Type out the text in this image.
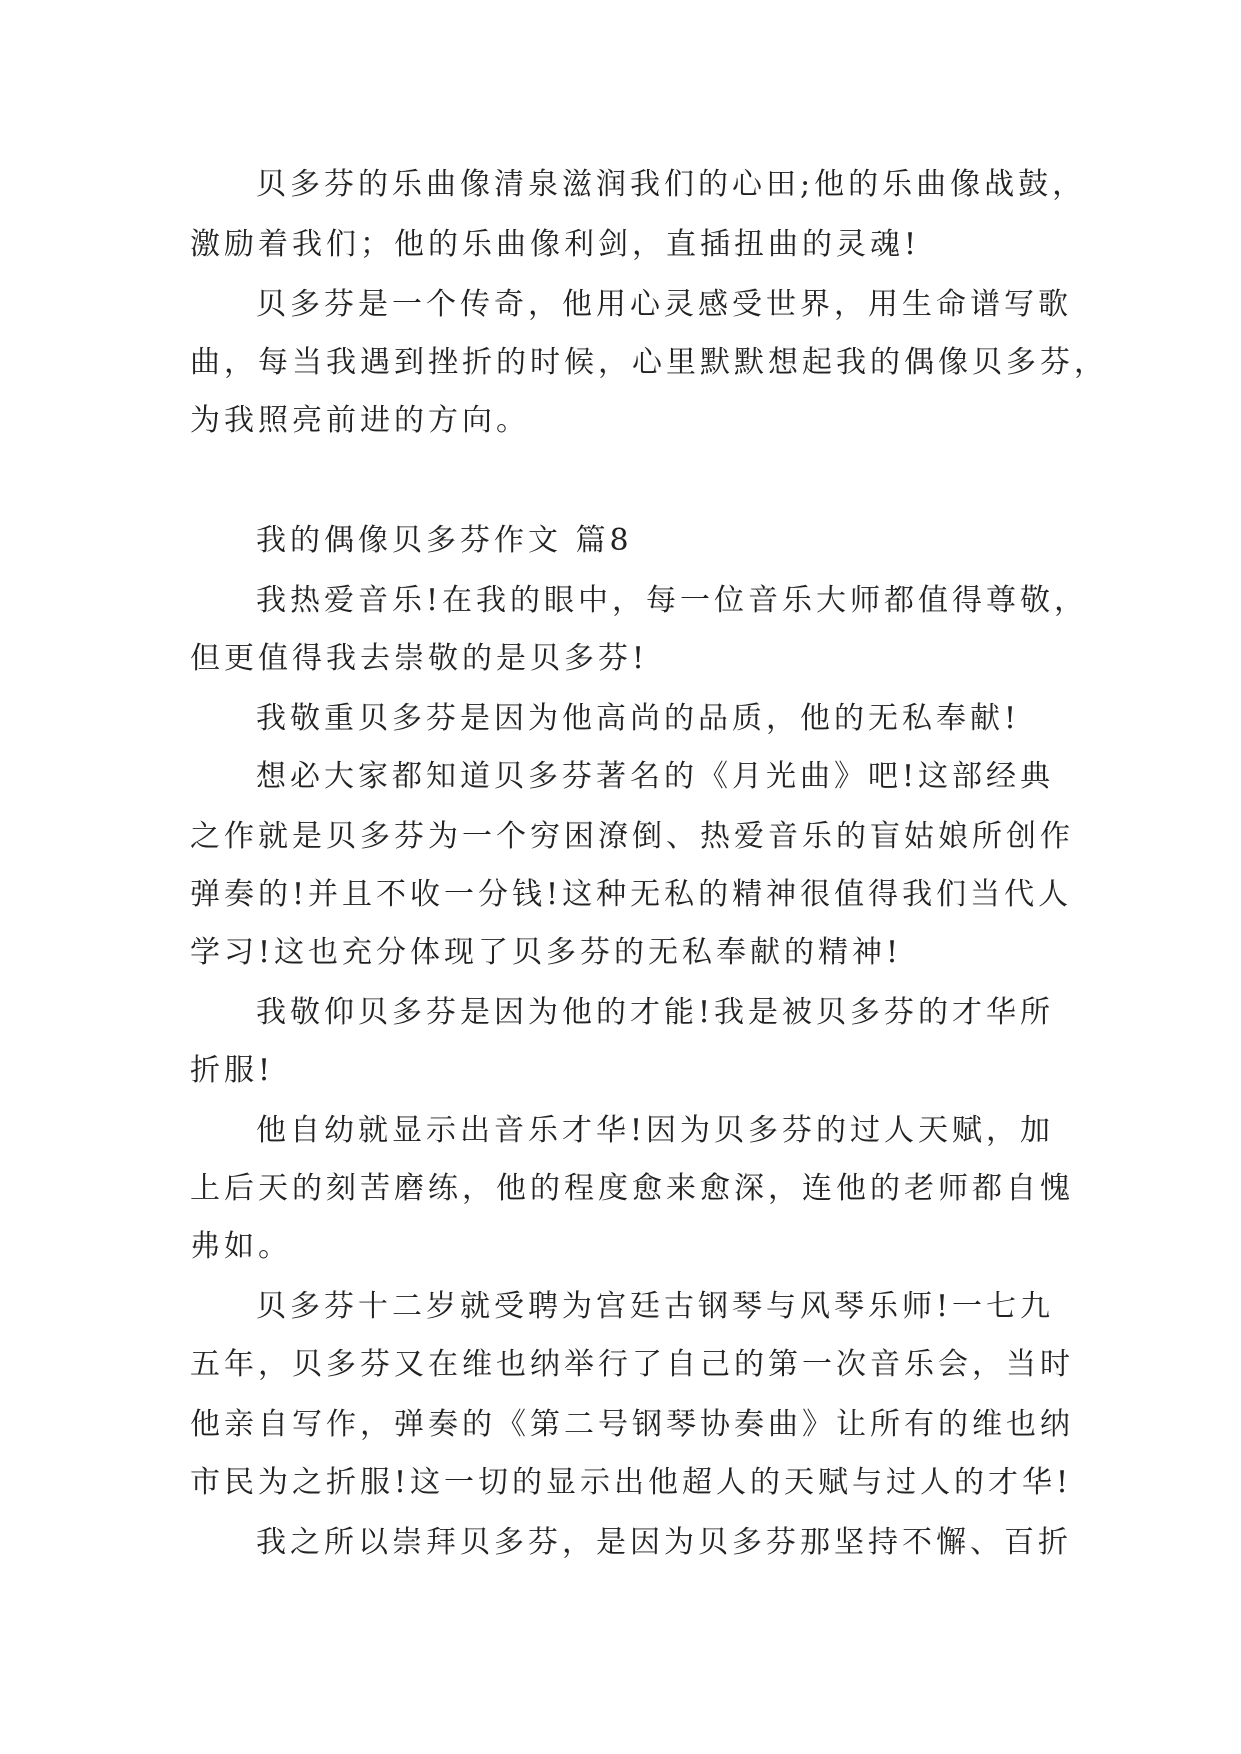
贝多芬的乐曲像清泉滋润我们的心田;他的乐曲像战鼓，

激励着我们；他的乐曲像利剑，直插扭曲的灵魂!

贝多芬是一个传奇，他用心灵感受世界，用生命谱写歌

曲，每当我遇到挫折的时候，心里默默想起我的偶像贝多芬，

为我照亮前进的方向。

我的偶像贝多芬作文 篇8

我热爱音乐!在我的眼中，每一位音乐大师都值得尊敬，

但更值得我去崇敬的是贝多芬!

我敬重贝多芬是因为他高尚的品质，他的无私奉献!

想必大家都知道贝多芬著名的《月光曲》吧!这部经典

之作就是贝多芬为一个穷困潦倒、热爱音乐的盲姑娘所创作

弹奏的!并且不收一分钱!这种无私的精神很值得我们当代人

学习!这也充分体现了贝多芬的无私奉献的精神!

我敬仰贝多芬是因为他的才能!我是被贝多芬的才华所

折服!

他自幼就显示出音乐才华!因为贝多芬的过人天赋，加

上后天的刻苦磨练，他的程度愈来愈深，连他的老师都自愧

弗如。

贝多芬十二岁就受聘为宫廷古钢琴与风琴乐师!一七九

五年，贝多芬又在维也纳举行了自己的第一次音乐会，当时

他亲自写作，弹奏的《第二号钢琴协奏曲》让所有的维也纳

市民为之折服!这一切的显示出他超人的天赋与过人的才华!

我之所以崇拜贝多芬，是因为贝多芬那坚持不懈、百折
